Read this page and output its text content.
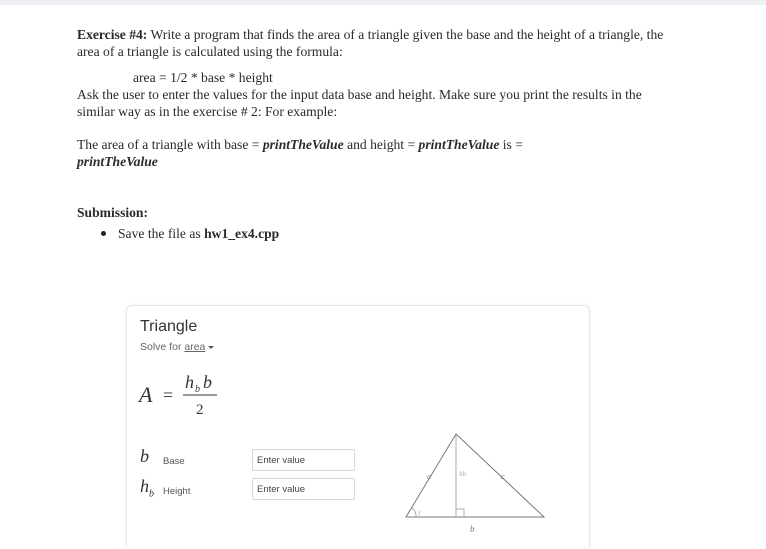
Exercise #4: Write a program that finds the area of a triangle given the base and the height of a triangle, the area of a triangle is calculated using the formula:

area = 1/2 * base * height

Ask the user to enter the values for the input data base and height. Make sure you print the results in the similar way as in the exercise # 2: For example:

The area of a triangle with base = printTheValue and height = printTheValue is =
printTheValue

Submission:

Save the file as
hw1_ex4.cpp
Triangle
Solve for area
A =
h b b
2
b Base
Enter value
$h_b$ Height
Enter value
a	c
hb
γ
b
